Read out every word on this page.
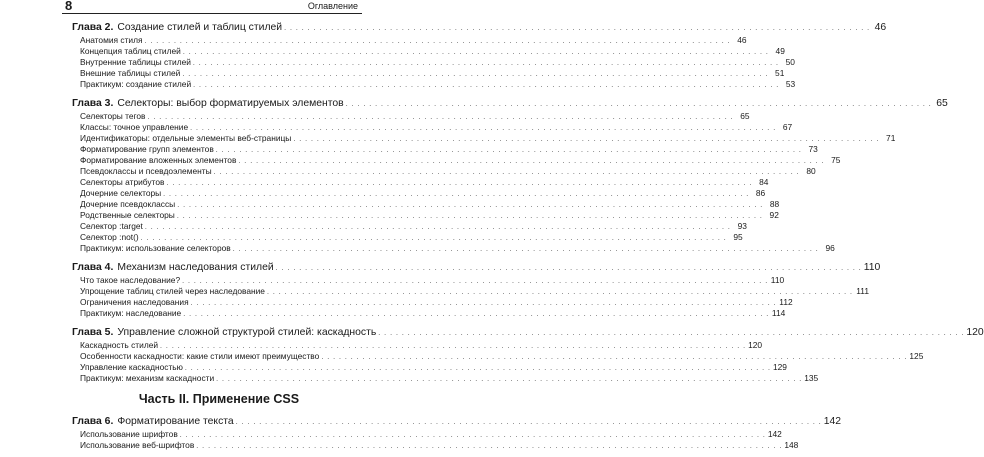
8	Оглавление
Глава 2. Создание стилей и таблиц стилей . . .	46
Анатомия стиля . . .	46
Концепция таблиц стилей . . .	49
Внутренние таблицы стилей . . .	50
Внешние таблицы стилей . . .	51
Практикум: создание стилей . . .	53
Глава 3. Селекторы: выбор форматируемых элементов . . .	65
Селекторы тегов . . .	65
Классы: точное управление . . .	67
Идентификаторы: отдельные элементы веб-страницы . . .	71
Форматирование групп элементов . . .	73
Форматирование вложенных элементов . . .	75
Псевдоклассы и псевдоэлементы . . .	80
Селекторы атрибутов . . .	84
Дочерние селекторы . . .	86
Дочерние псевдоклассы . . .	88
Родственные селекторы . . .	92
Селектор :target . . .	93
Селектор :not() . . .	95
Практикум: использование селекторов . . .	96
Глава 4. Механизм наследования стилей . . .	110
Что такое наследование? . . .	110
Упрощение таблиц стилей через наследование . . .	111
Ограничения наследования . . .	112
Практикум: наследование . . .	114
Глава 5. Управление сложной структурой стилей: каскадность . . .	120
Каскадность стилей . . .	120
Особенности каскадности: какие стили имеют преимущество . . .	125
Управление каскадностью . . .	129
Практикум: механизм каскадности . . .	135
Часть II. Применение CSS
Глава 6. Форматирование текста . . .	142
Использование шрифтов . . .	142
Использование веб-шрифтов . . .	148
